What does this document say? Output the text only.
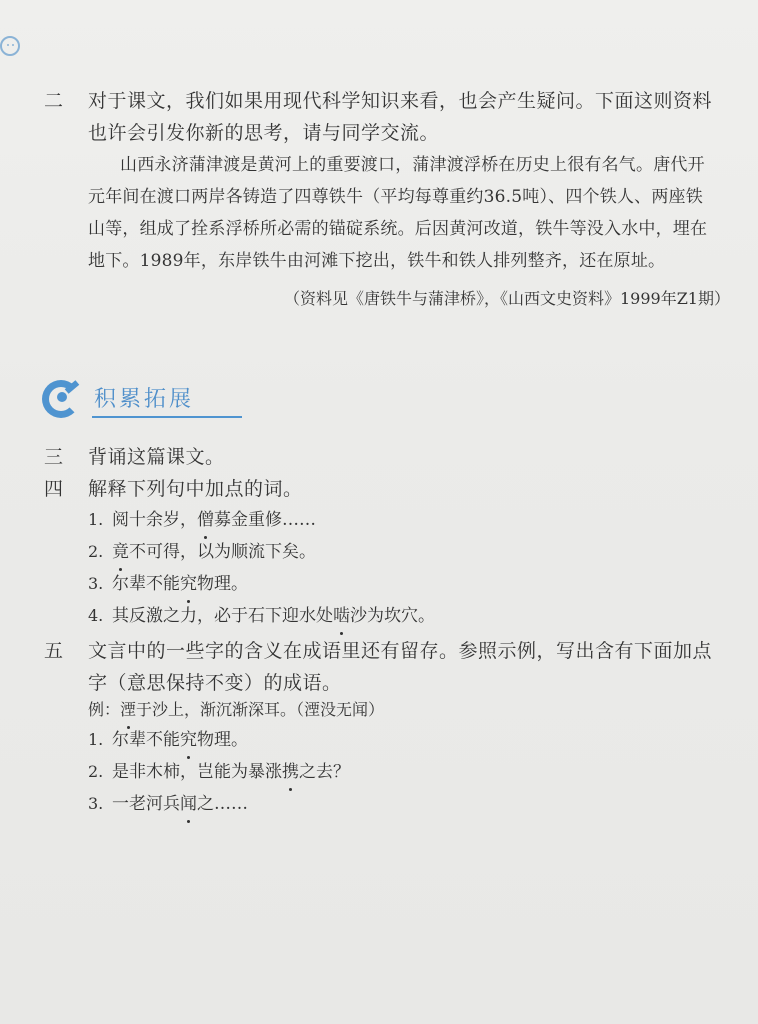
二 对于课文，我们如果用现代科学知识来看，也会产生疑问。下面这则资料
也许会引发你新的思考，请与同学交流。
山西永济蒲津渡是黄河上的重要渡口，蒲津渡浮桥在历史上很有名气。唐代开
元年间在渡口两岸各铸造了四尊铁牛（平均每尊重约36.5吨）、四个铁人、两座铁
山等，组成了拴系浮桥所必需的锚碇系统。后因黄河改道，铁牛等没入水中，埋在
地下。1989年，东岸铁牛由河滩下挖出，铁牛和铁人排列整齐，还在原址。
（资料见《唐铁牛与蒲津桥》，《山西文史资料》1999年Z1期）
积累拓展
三 背诵这篇课文。
四 解释下列句中加点的词。
1. 阅十余岁，僧募金重修……
2. 竟不可得，以为顺流下矣。
3. 尔辈不能究物理。
4. 其反激之力，必于石下迎水处啮沙为坎穴。
五 文言中的一些字的含义在成语里还有留存。参照示例，写出含有下面加点
字（意思保持不变）的成语。
例：湮于沙上，渐沉渐深耳。（湮没无闻）
1. 尔辈不能究物理。
2. 是非木柿，岂能为暴涨携之去？
3. 一老河兵闻之……
